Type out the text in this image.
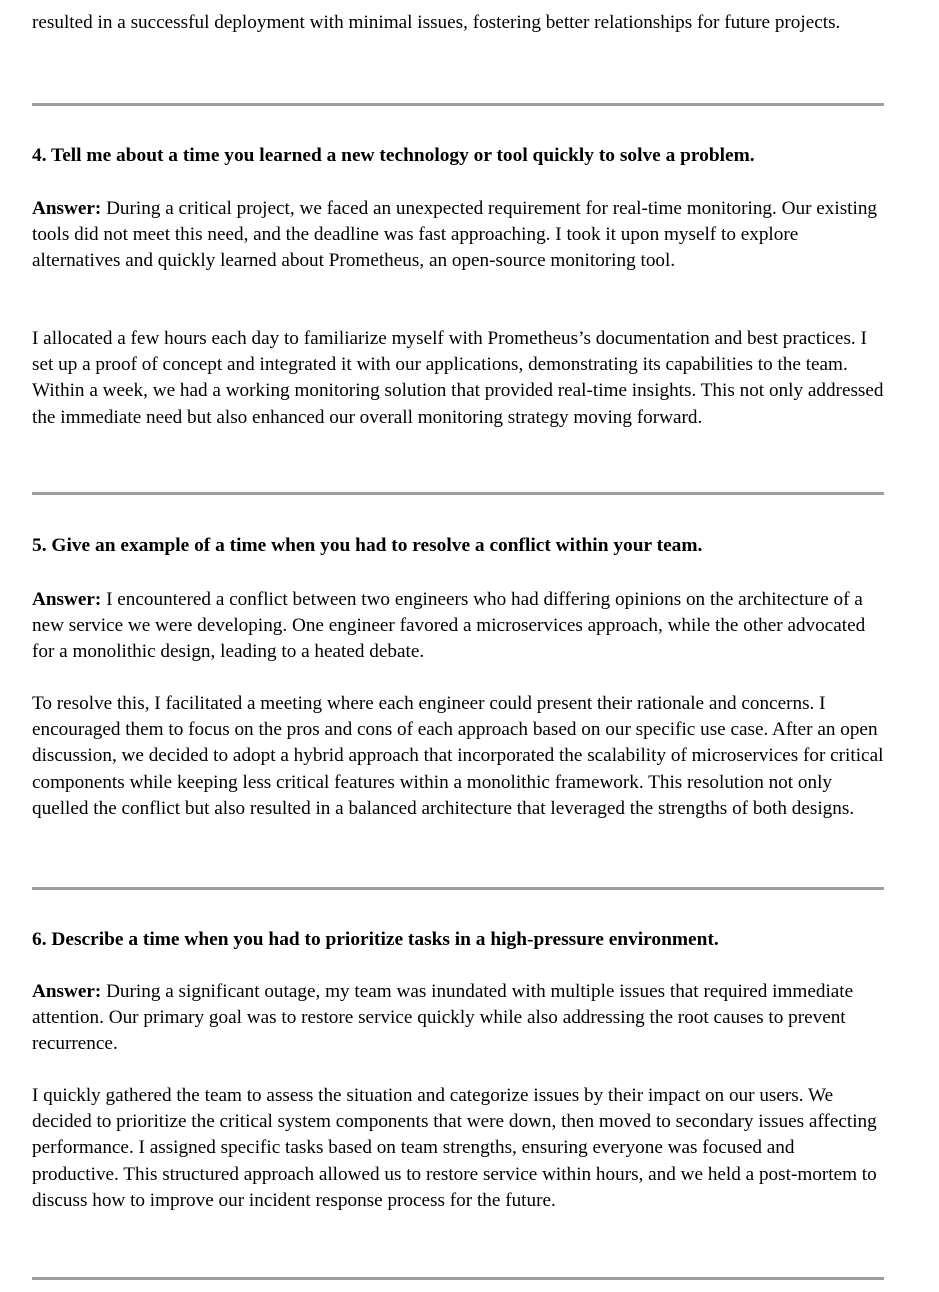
resulted in a successful deployment with minimal issues, fostering better relationships for future projects.

4. Tell me about a time you learned a new technology or tool quickly to solve a problem.

Answer: During a critical project, we faced an unexpected requirement for real-time monitoring. Our existing tools did not meet this need, and the deadline was fast approaching. I took it upon myself to explore alternatives and quickly learned about Prometheus, an open-source monitoring tool.

I allocated a few hours each day to familiarize myself with Prometheus’s documentation and best practices. I set up a proof of concept and integrated it with our applications, demonstrating its capabilities to the team. Within a week, we had a working monitoring solution that provided real-time insights. This not only addressed the immediate need but also enhanced our overall monitoring strategy moving forward.

5. Give an example of a time when you had to resolve a conflict within your team.

Answer: I encountered a conflict between two engineers who had differing opinions on the architecture of a new service we were developing. One engineer favored a microservices approach, while the other advocated for a monolithic design, leading to a heated debate.

To resolve this, I facilitated a meeting where each engineer could present their rationale and concerns. I encouraged them to focus on the pros and cons of each approach based on our specific use case. After an open discussion, we decided to adopt a hybrid approach that incorporated the scalability of microservices for critical components while keeping less critical features within a monolithic framework. This resolution not only quelled the conflict but also resulted in a balanced architecture that leveraged the strengths of both designs.

6. Describe a time when you had to prioritize tasks in a high-pressure environment.

Answer: During a significant outage, my team was inundated with multiple issues that required immediate attention. Our primary goal was to restore service quickly while also addressing the root causes to prevent recurrence.

I quickly gathered the team to assess the situation and categorize issues by their impact on our users. We decided to prioritize the critical system components that were down, then moved to secondary issues affecting performance. I assigned specific tasks based on team strengths, ensuring everyone was focused and productive. This structured approach allowed us to restore service within hours, and we held a post-mortem to discuss how to improve our incident response process for the future.
